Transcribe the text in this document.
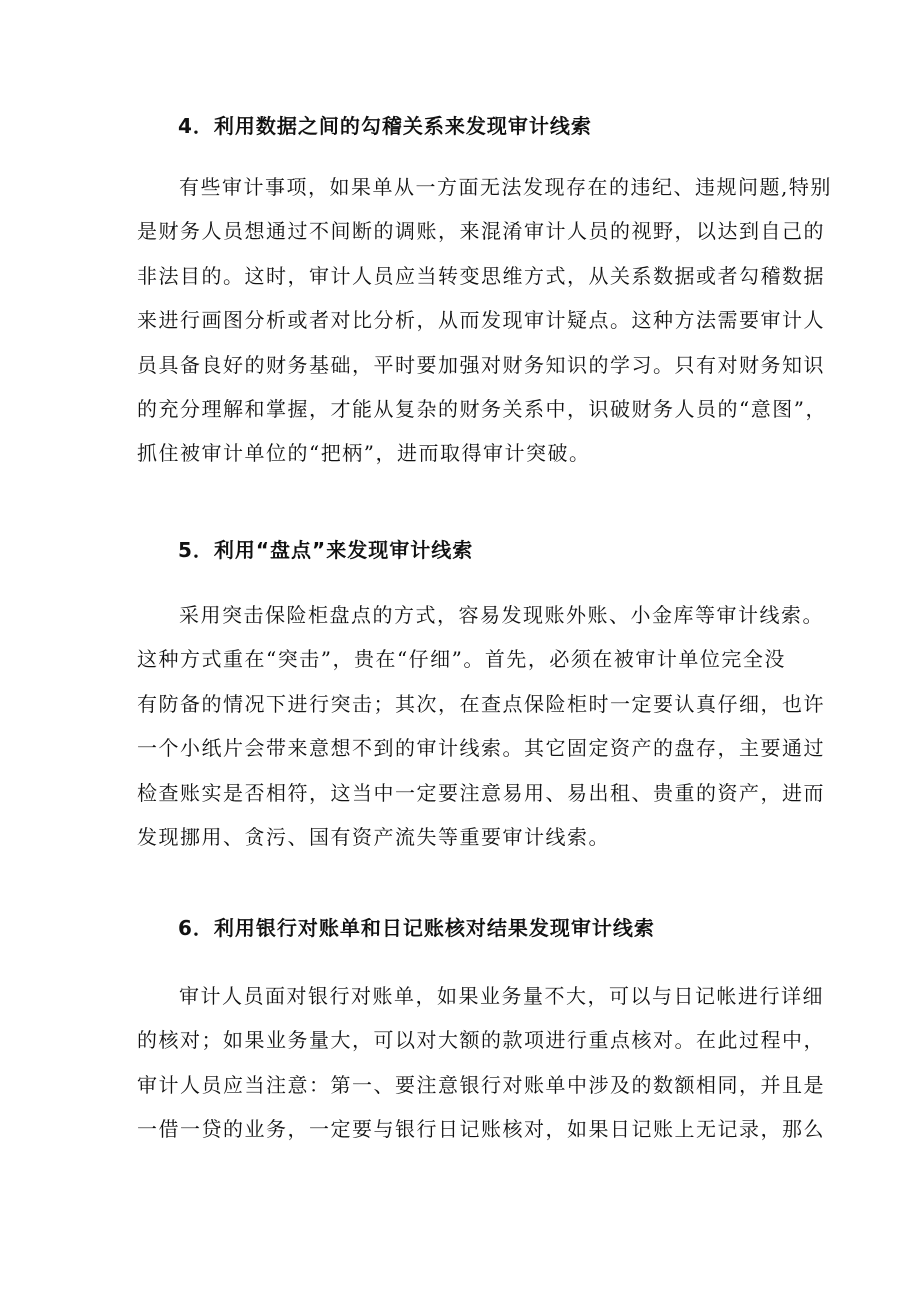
4．利用数据之间的勾稽关系来发现审计线索
有些审计事项，如果单从一方面无法发现存在的违纪、违规问题,特别
是财务人员想通过不间断的调账，来混淆审计人员的视野，以达到自己的
非法目的。这时，审计人员应当转变思维方式，从关系数据或者勾稽数据
来进行画图分析或者对比分析，从而发现审计疑点。这种方法需要审计人
员具备良好的财务基础，平时要加强对财务知识的学习。只有对财务知识
的充分理解和掌握，才能从复杂的财务关系中，识破财务人员的“意图”，
抓住被审计单位的“把柄”，进而取得审计突破。
5．利用“盘点”来发现审计线索
采用突击保险柜盘点的方式，容易发现账外账、小金库等审计线索。
这种方式重在“突击”，贵在“仔细”。首先，必须在被审计单位完全没
有防备的情况下进行突击；其次，在查点保险柜时一定要认真仔细，也许
一个小纸片会带来意想不到的审计线索。其它固定资产的盘存，主要通过
检查账实是否相符，这当中一定要注意易用、易出租、贵重的资产，进而
发现挪用、贪污、国有资产流失等重要审计线索。
6．利用银行对账单和日记账核对结果发现审计线索
审计人员面对银行对账单，如果业务量不大，可以与日记帐进行详细
的核对；如果业务量大，可以对大额的款项进行重点核对。在此过程中，
审计人员应当注意：第一、要注意银行对账单中涉及的数额相同，并且是
一借一贷的业务，一定要与银行日记账核对，如果日记账上无记录，那么
